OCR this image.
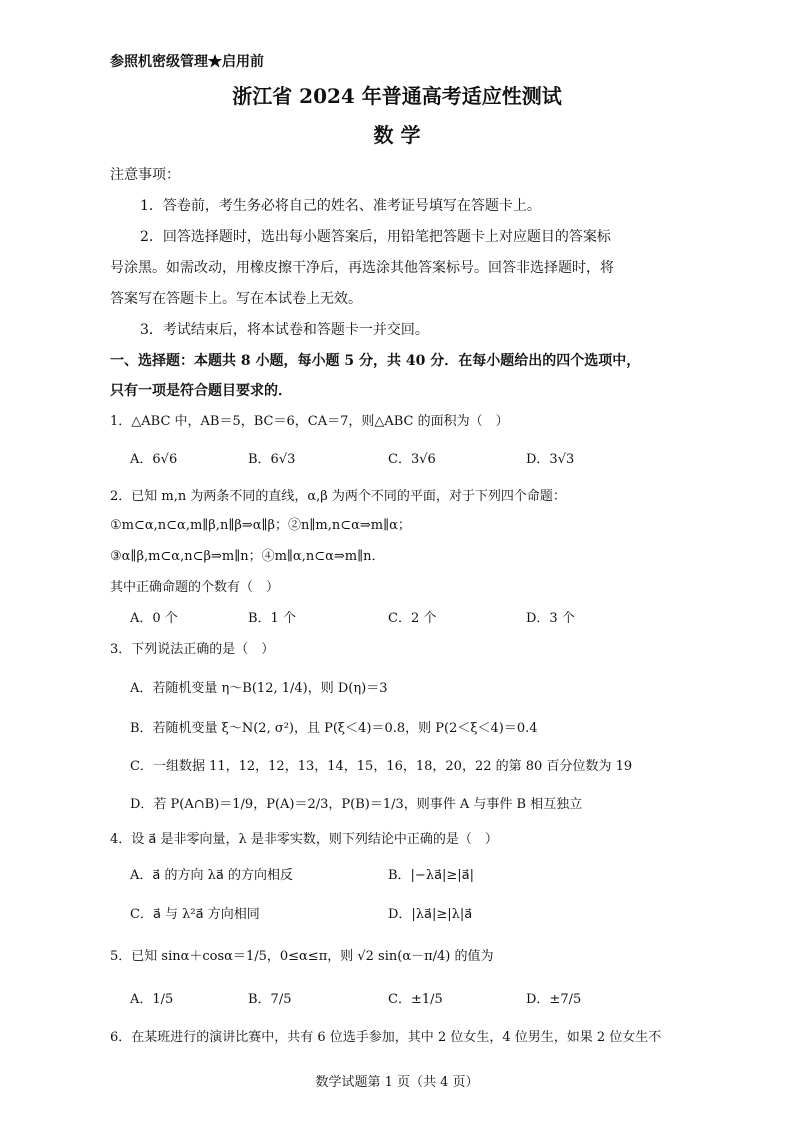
参照机密级管理★启用前
浙江省 2024 年普通高考适应性测试
数 学
注意事项：
1．答卷前，考生务必将自己的姓名、准考证号填写在答题卡上。
2．回答选择题时，选出每小题答案后，用铅笔把答题卡上对应题目的答案标
号涂黑。如需改动，用橡皮擦干净后，再选涂其他答案标号。回答非选择题时，将
答案写在答题卡上。写在本试卷上无效。
3．考试结束后，将本试卷和答题卡一并交回。
一、选择题：本题共 8 小题，每小题 5 分，共 40 分．在每小题给出的四个选项中，
只有一项是符合题目要求的．
1．△ABC 中，AB＝5，BC＝6，CA＝7，则△ABC 的面积为（　）
A．6√6	B．6√3	C．3√6	D．3√3
2．已知 m,n 为两条不同的直线，α,β 为两个不同的平面，对于下列四个命题：
①m⊂α,n⊂α,m∥β,n∥β⇒α∥β；②n∥m,n⊂α⇒m∥α；
③α∥β,m⊂α,n⊂β⇒m∥n；④m∥α,n⊂α⇒m∥n．
其中正确命题的个数有（　）
A．0 个	B．1 个	C．2 个	D．3 个
3．下列说法正确的是（　）
A．若随机变量 η～B(12, 1/4)，则 D(η)＝3
B．若随机变量 ξ～N(2, σ²)，且 P(ξ＜4)＝0.8，则 P(2＜ξ＜4)＝0.4
C．一组数据 11，12，12，13，14，15，16，18，20，22 的第 80 百分位数为 19
D．若 P(A∩B)＝1/9，P(A)＝2/3，P(B)＝1/3，则事件 A 与事件 B 相互独立
4．设 a⃗ 是非零向量，λ 是非零实数，则下列结论中正确的是（　）
A．a⃗ 的方向 λa⃗ 的方向相反	B．|−λa⃗|≥|a⃗|
C．a⃗ 与 λ²a⃗ 方向相同	D．|λa⃗|≥|λ|a⃗
5．已知 sinα＋cosα＝1/5，0≤α≤π，则 √2 sin(α－π/4) 的值为
A．1/5	B．7/5	C．±1/5	D．±7/5
6．在某班进行的演讲比赛中，共有 6 位选手参加，其中 2 位女生，4 位男生，如果 2 位女生不
数学试题第 1 页（共 4 页）
